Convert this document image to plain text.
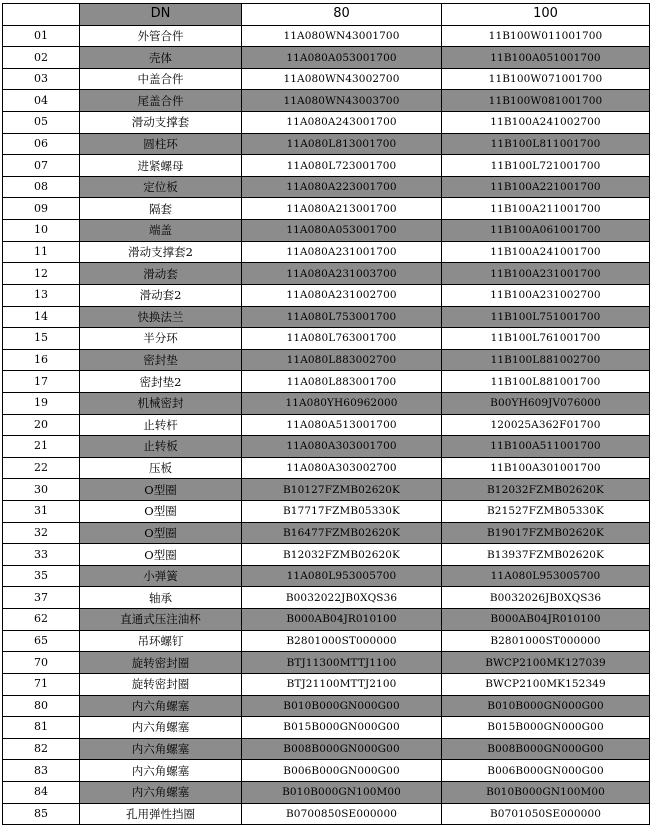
	DN	80	100
01	外管合件	11A080WN43001700	11B100W011001700
02	壳体	11A080A053001700	11B100A051001700
03	中盖合件	11A080WN43002700	11B100W071001700
04	尾盖合件	11A080WN43003700	11B100W081001700
05	滑动支撑套	11A080A243001700	11B100A241002700
06	圆柱环	11A080L813001700	11B100L811001700
07	进紧螺母	11A080L723001700	11B100L721001700
08	定位板	11A080A223001700	11B100A221001700
09	隔套	11A080A213001700	11B100A211001700
10	端盖	11A080A053001700	11B100A061001700
11	滑动支撑套2	11A080A231001700	11B100A241001700
12	滑动套	11A080A231003700	11B100A231001700
13	滑动套2	11A080A231002700	11B100A231002700
14	快换法兰	11A080L753001700	11B100L751001700
15	半分环	11A080L763001700	11B100L761001700
16	密封垫	11A080L883002700	11B100L881002700
17	密封垫2	11A080L883001700	11B100L881001700
19	机械密封	11A080YH60962000	B00YH609JV076000
20	止转杆	11A080A513001700	120025A362F01700
21	止转板	11A080A303001700	11B100A511001700
22	压板	11A080A303002700	11B100A301001700
30	O型圈	B10127FZMB02620K	B12032FZMB02620K
31	O型圈	B17717FZMB05330K	B21527FZMB05330K
32	O型圈	B16477FZMB02620K	B19017FZMB02620K
33	O型圈	B12032FZMB02620K	B13937FZMB02620K
35	小弹簧	11A080L953005700	11A080L953005700
37	轴承	B0032022JB0XQS36	B0032026JB0XQS36
62	直通式压注油杯	B000AB04JR010100	B000AB04JR010100
65	吊环螺钉	B2801000ST000000	B2801000ST000000
70	旋转密封圈	BTJ11300MTTJ1100	BWCP2100MK127039
71	旋转密封圈	BTJ21100MTTJ2100	BWCP2100MK152349
80	内六角螺塞	B010B000GN000G00	B010B000GN000G00
81	内六角螺塞	B015B000GN000G00	B015B000GN000G00
82	内六角螺塞	B008B000GN000G00	B008B000GN000G00
83	内六角螺塞	B006B000GN000G00	B006B000GN000G00
84	内六角螺塞	B010B000GN100M00	B010B000GN100M00
85	孔用弹性挡圈	B0700850SE000000	B0701050SE000000
